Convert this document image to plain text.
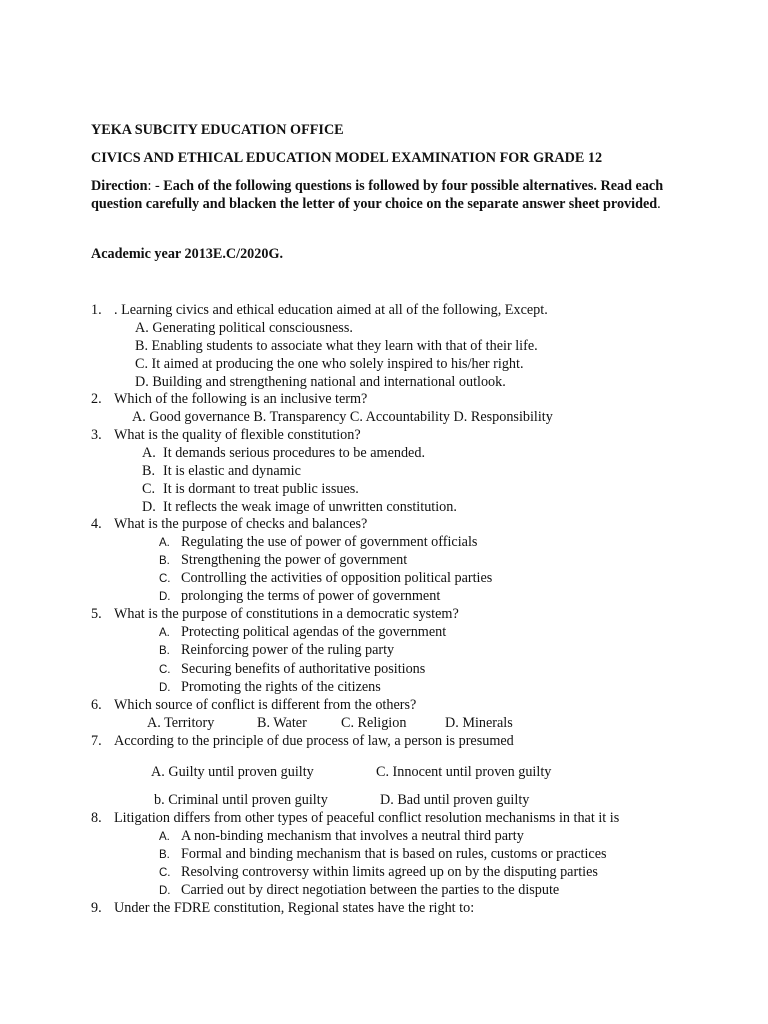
YEKA SUBCITY EDUCATION OFFICE
CIVICS AND ETHICAL EDUCATION MODEL EXAMINATION FOR GRADE 12
Direction: - Each of the following questions is followed by four possible alternatives. Read each question carefully and blacken the letter of your choice on the separate answer sheet provided.
Academic year 2013E.C/2020G.
1. . Learning civics and ethical education aimed at all of the following, Except.
A. Generating political consciousness.
B. Enabling students to associate what they learn with that of their life.
C. It aimed at producing the one who solely inspired to his/her right.
D. Building and strengthening national and international outlook.
2. Which of the following is an inclusive term?
A. Good governance B. Transparency C. Accountability D. Responsibility
3. What is the quality of flexible constitution?
A. It demands serious procedures to be amended.
B. It is elastic and dynamic
C. It is dormant to treat public issues.
D. It reflects the weak image of unwritten constitution.
4. What is the purpose of checks and balances?
A. Regulating the use of power of government officials
B. Strengthening the power of government
C. Controlling the activities of opposition political parties
D. prolonging the terms of power of government
5. What is the purpose of constitutions in a democratic system?
A. Protecting political agendas of the government
B. Reinforcing power of the ruling party
C. Securing benefits of authoritative positions
D. Promoting the rights of the citizens
6. Which source of conflict is different from the others?
A. Territory	B. Water C. Religion	D. Minerals
7. According to the principle of due process of law, a person is presumed
A. Guilty until proven guilty	C. Innocent until proven guilty
b. Criminal until proven guilty	D. Bad until proven guilty
8. Litigation differs from other types of peaceful conflict resolution mechanisms in that it is
A. A non-binding mechanism that involves a neutral third party
B. Formal and binding mechanism that is based on rules, customs or practices
C. Resolving controversy within limits agreed up on by the disputing parties
D. Carried out by direct negotiation between the parties to the dispute
9. Under the FDRE constitution, Regional states have the right to:
